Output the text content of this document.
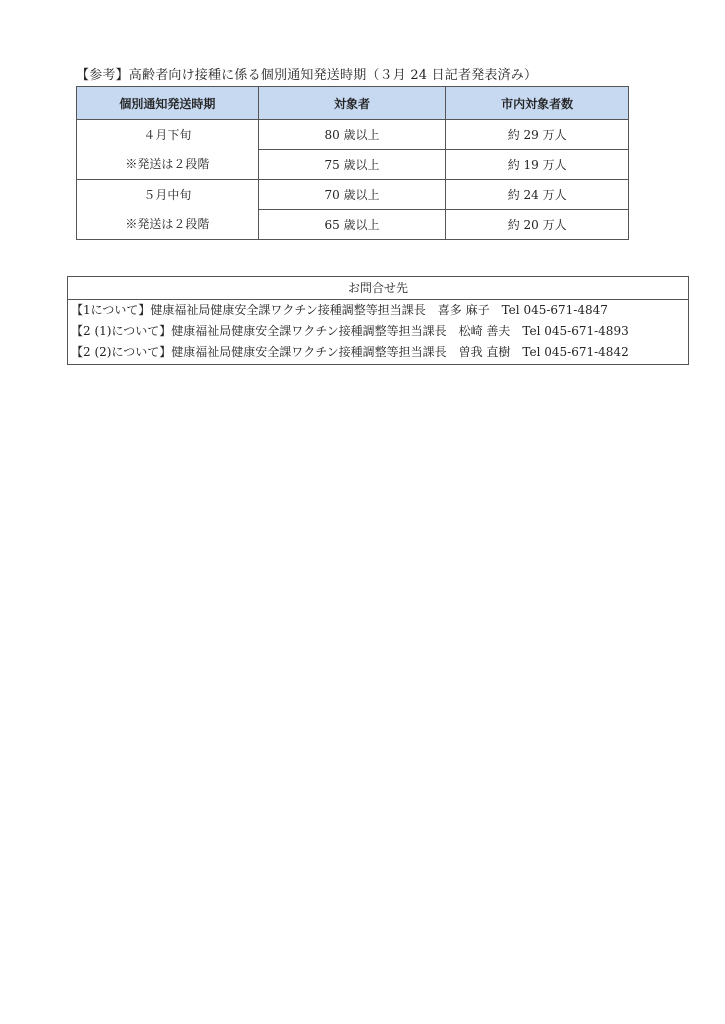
【参考】高齢者向け接種に係る個別通知発送時期（３月 24 日記者発表済み）
個別通知発送時期	対象者	市内対象者数

４月下旬
※発送は２段階	80 歳以上	約 29 万人
	75 歳以上	約 19 万人

５月中旬
※発送は２段階	70 歳以上	約 24 万人
	65 歳以上	約 20 万人
お問合せ先
【1について】健康福祉局健康安全課ワクチン接種調整等担当課長　喜多 麻子　Tel 045-671-4847
【2 (1)について】健康福祉局健康安全課ワクチン接種調整等担当課長　松崎 善夫　Tel 045-671-4893
【2 (2)について】健康福祉局健康安全課ワクチン接種調整等担当課長　曽我 直樹　Tel 045-671-4842
